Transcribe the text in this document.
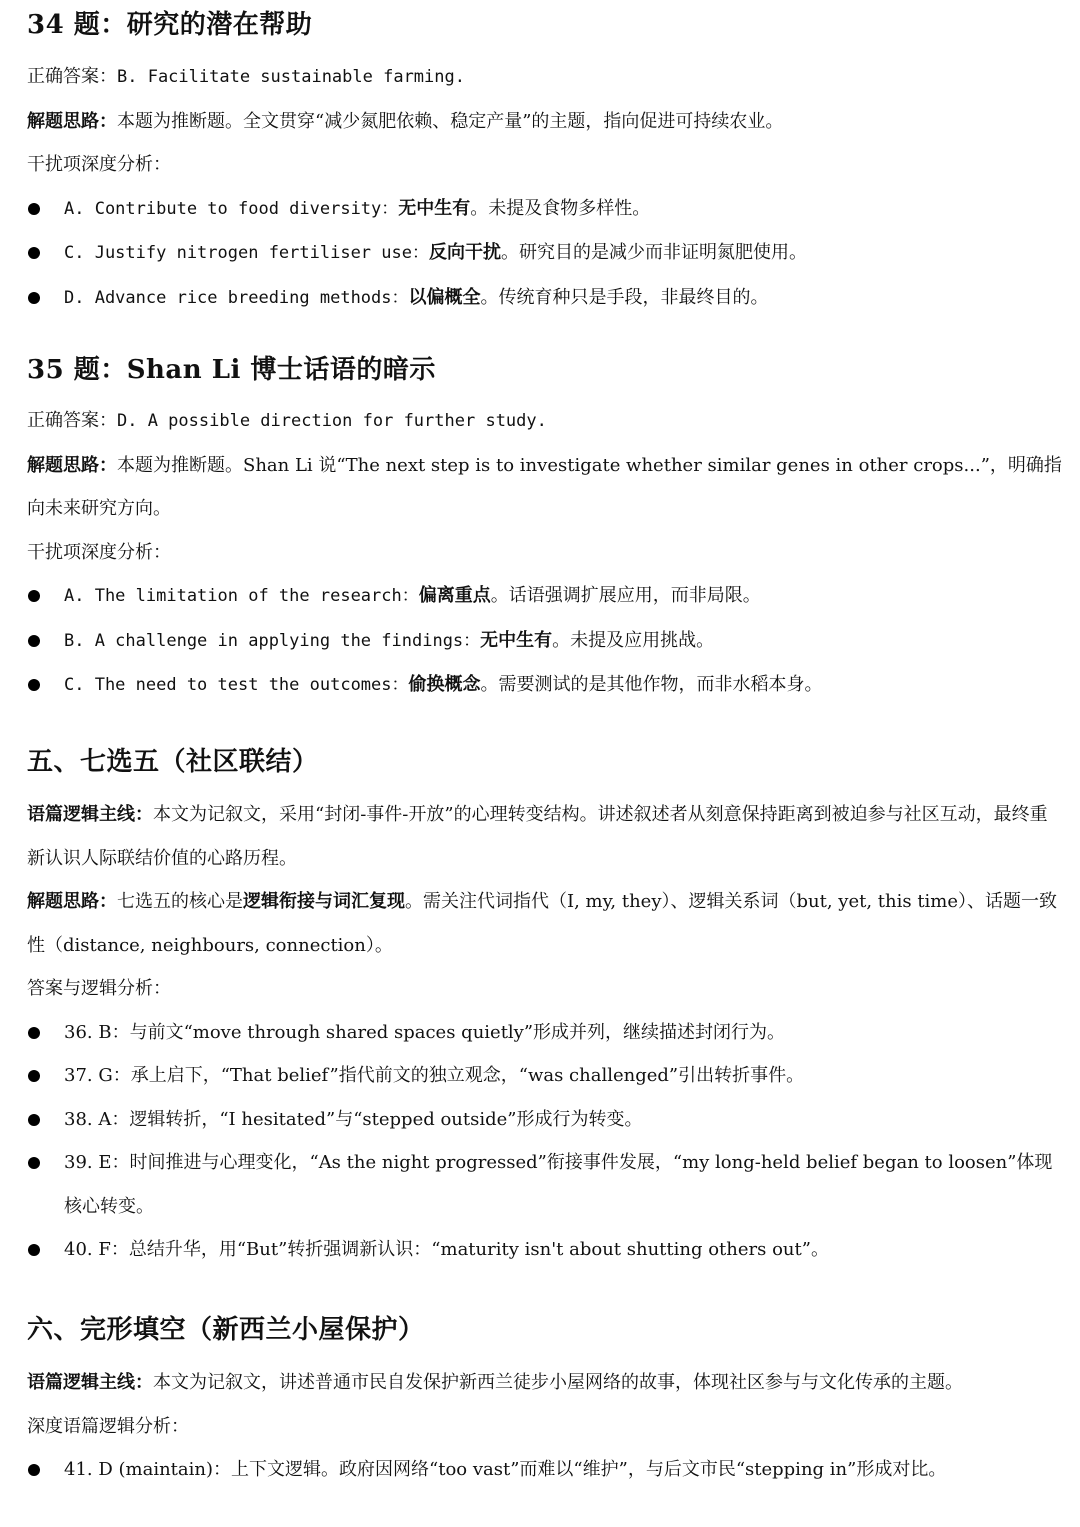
34 题：研究的潜在帮助

正确答案：B. Facilitate sustainable farming.

解题思路：本题为推断题。全文贯穿“减少氮肥依赖、稳定产量”的主题，指向促进可持续农业。

干扰项深度分析：

A. Contribute to food diversity：无中生有。未提及食物多样性。
C. Justify nitrogen fertiliser use：反向干扰。研究目的是减少而非证明氮肥使用。
D. Advance rice breeding methods：以偏概全。传统育种只是手段，非最终目的。
35 题：Shan Li 博士话语的暗示

正确答案：D. A possible direction for further study.

解题思路：本题为推断题。Shan Li 说“The next step is to investigate whether similar genes in other crops...”，明确指向未来研究方向。

干扰项深度分析：

A. The limitation of the research：偏离重点。话语强调扩展应用，而非局限。
B. A challenge in applying the findings：无中生有。未提及应用挑战。
C. The need to test the outcomes：偷换概念。需要测试的是其他作物，而非水稻本身。
五、七选五（社区联结）

语篇逻辑主线：本文为记叙文，采用“封闭-事件-开放”的心理转变结构。讲述叙述者从刻意保持距离到被迫参与社区互动，最终重新认识人际联结价值的心路历程。

解题思路：七选五的核心是逻辑衔接与词汇复现。需关注代词指代（I, my, they）、逻辑关系词（but, yet, this time）、话题一致性（distance, neighbours, connection）。

答案与逻辑分析：

36. B：与前文“move through shared spaces quietly”形成并列，继续描述封闭行为。
37. G：承上启下，“That belief”指代前文的独立观念，“was challenged”引出转折事件。
38. A：逻辑转折，“I hesitated”与“stepped outside”形成行为转变。
39. E：时间推进与心理变化，“As the night progressed”衔接事件发展，“my long-held belief began to loosen”体现核心转变。
40. F：总结升华，用“But”转折强调新认识：“maturity isn't about shutting others out”。
六、完形填空（新西兰小屋保护）

语篇逻辑主线：本文为记叙文，讲述普通市民自发保护新西兰徒步小屋网络的故事，体现社区参与与文化传承的主题。

深度语篇逻辑分析：

41. D (maintain)：上下文逻辑。政府因网络“too vast”而难以“维护”，与后文市民“stepping in”形成对比。
